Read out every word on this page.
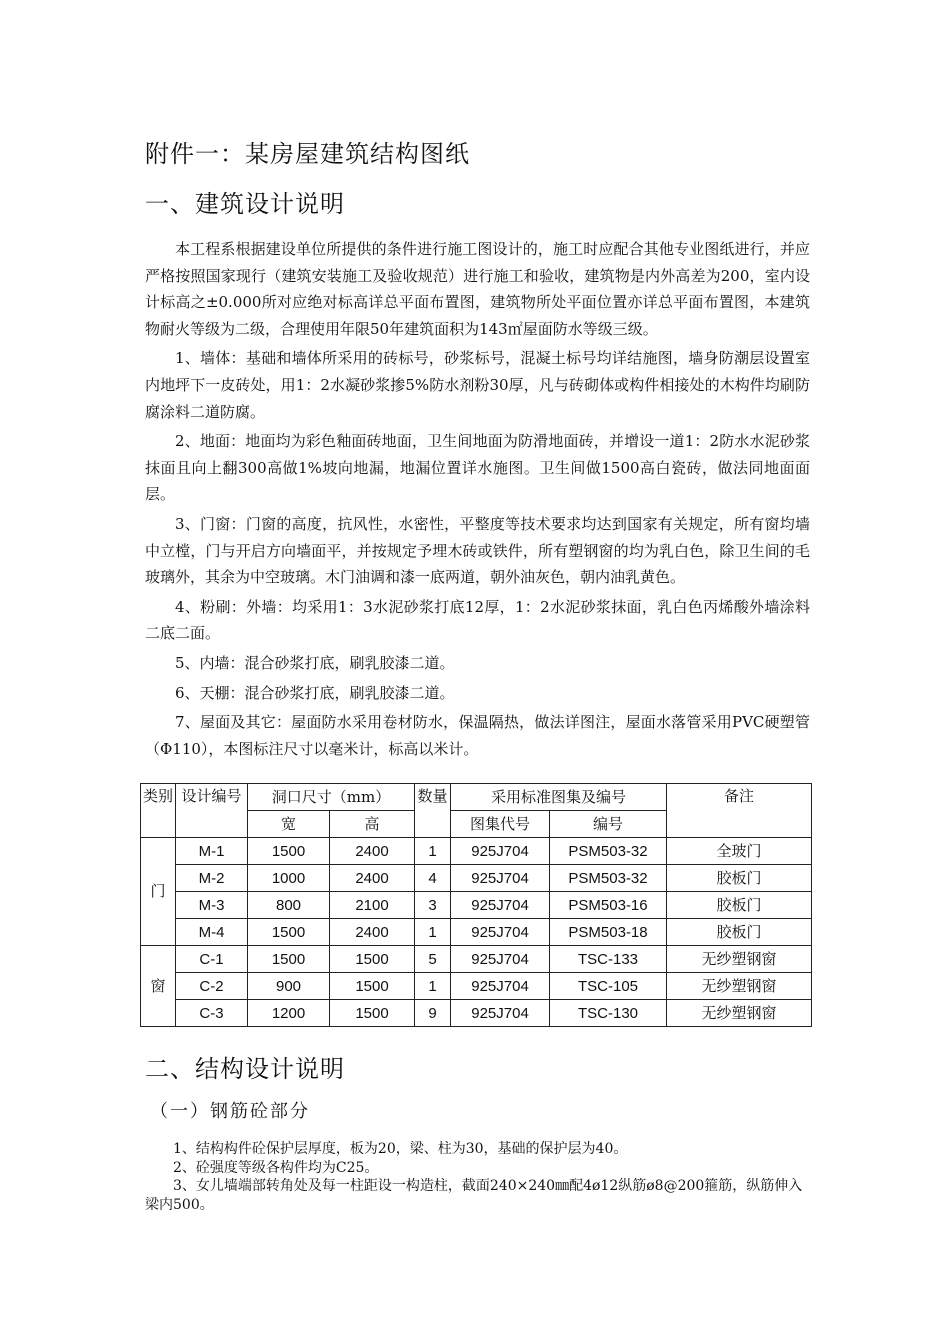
附件一：某房屋建筑结构图纸
一、建筑设计说明

本工程系根据建设单位所提供的条件进行施工图设计的，施工时应配合其他专业图纸进行，并应严格按照国家现行（建筑安装施工及验收规范）进行施工和验收，建筑物是内外高差为200，室内设计标高之±0.000所对应绝对标高详总平面布置图，建筑物所处平面位置亦详总平面布置图，本建筑物耐火等级为二级，合理使用年限50年建筑面积为143㎡屋面防水等级三级。

1、墙体：基础和墙体所采用的砖标号，砂浆标号，混凝土标号均详结施图，墙身防潮层设置室内地坪下一皮砖处，用1：2水凝砂浆掺5%防水剂粉30厚，凡与砖砌体或构件相接处的木构件均刷防腐涂料二道防腐。

2、地面：地面均为彩色釉面砖地面，卫生间地面为防滑地面砖，并增设一道1：2防水水泥砂浆抹面且向上翻300高做1%坡向地漏，地漏位置详水施图。卫生间做1500高白瓷砖，做法同地面面层。

3、门窗：门窗的高度，抗风性，水密性，平整度等技术要求均达到国家有关规定，所有窗均墙中立樘，门与开启方向墙面平，并按规定予埋木砖或铁件，所有塑钢窗的均为乳白色，除卫生间的毛玻璃外，其余为中空玻璃。木门油调和漆一底两道，朝外油灰色，朝内油乳黄色。

4、粉刷：外墙：均采用1：3水泥砂浆打底12厚，1：2水泥砂浆抹面，乳白色丙烯酸外墙涂料二底二面。

5、内墙：混合砂浆打底，刷乳胶漆二道。

6、天棚：混合砂浆打底，刷乳胶漆二道。

7、屋面及其它：屋面防水采用卷材防水，保温隔热，做法详图注，屋面水落管采用PVC硬塑管（Φ110），本图标注尺寸以毫米计，标高以米计。

类别	设计编号	洞口尺寸（mm）		数量	采用标准图集及编号		备注
		宽	高		图集代号	编号	
门	M-1	1500	2400	1	925J704	PSM503-32	全玻门
	M-2	1000	2400	4	925J704	PSM503-32	胶板门
	M-3	800	2100	3	925J704	PSM503-16	胶板门
	M-4	1500	2400	1	925J704	PSM503-18	胶板门
窗	C-1	1500	1500	5	925J704	TSC-133	无纱塑钢窗
	C-2	900	1500	1	925J704	TSC-105	无纱塑钢窗
	C-3	1200	1500	9	925J704	TSC-130	无纱塑钢窗
二、结构设计说明
（一）钢筋砼部分

1、结构构件砼保护层厚度，板为20，梁、柱为30，基础的保护层为40。

2、砼强度等级各构件均为C25。

3、女儿墙端部转角处及每一柱距设一构造柱，截面240×240㎜配4ø12纵筋ø8@200箍筋，纵筋伸入梁内500。
